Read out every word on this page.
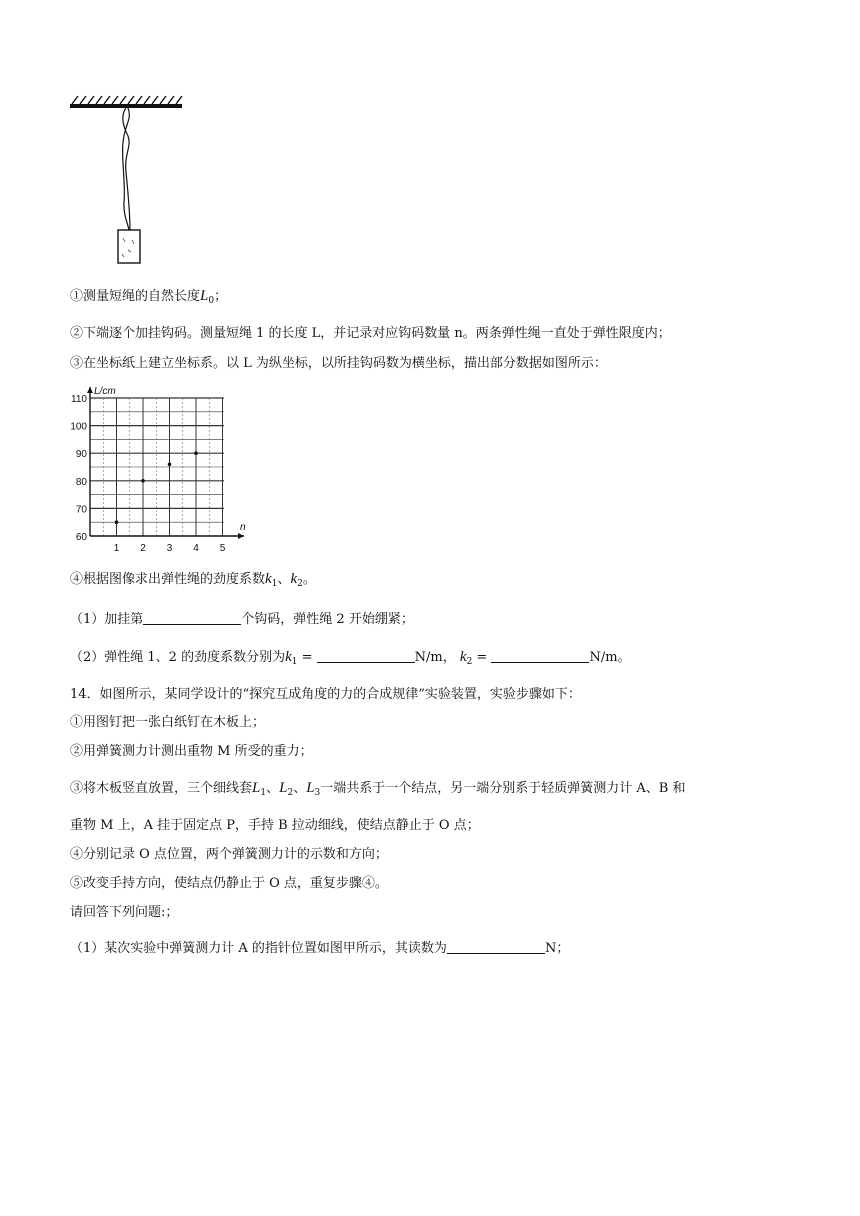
①测量短绳的自然长度$L_0$；
②下端逐个加挂钩码。测量短绳 1 的长度 L，并记录对应钩码数量 n。两条弹性绳一直处于弹性限度内；
③在坐标纸上建立坐标系。以 L 为纵坐标，以所挂钩码数为横坐标，描出部分数据如图所示：
60
70
80
90
100
110
1 2 3 4 5
L/cm
n
④根据图像求出弹性绳的劲度系数$k_1$、$k_2$。
（1）加挂第	个钩码，弹性绳 2 开始绷紧；
（2）弹性绳 1、2 的劲度系数分别为$k_1$ =	N/m， $k_2$ =	N/m。
14．如图所示，某同学设计的“探究互成角度的力的合成规律”实验装置，实验步骤如下：
①用图钉把一张白纸钉在木板上；
②用弹簧测力计测出重物 M 所受的重力；
③将木板竖直放置，三个细线套$L_1$、$L_2$、$L_3$一端共系于一个结点，另一端分别系于轻质弹簧测力计 A、B 和
重物 M 上，A 挂于固定点 P，手持 B 拉动细线，使结点静止于 O 点；
④分别记录 O 点位置，两个弹簧测力计的示数和方向；
⑤改变手持方向，使结点仍静止于 O 点，重复步骤④。
请回答下列问题:；
（1）某次实验中弹簧测力计 A 的指针位置如图甲所示，其读数为	N；
